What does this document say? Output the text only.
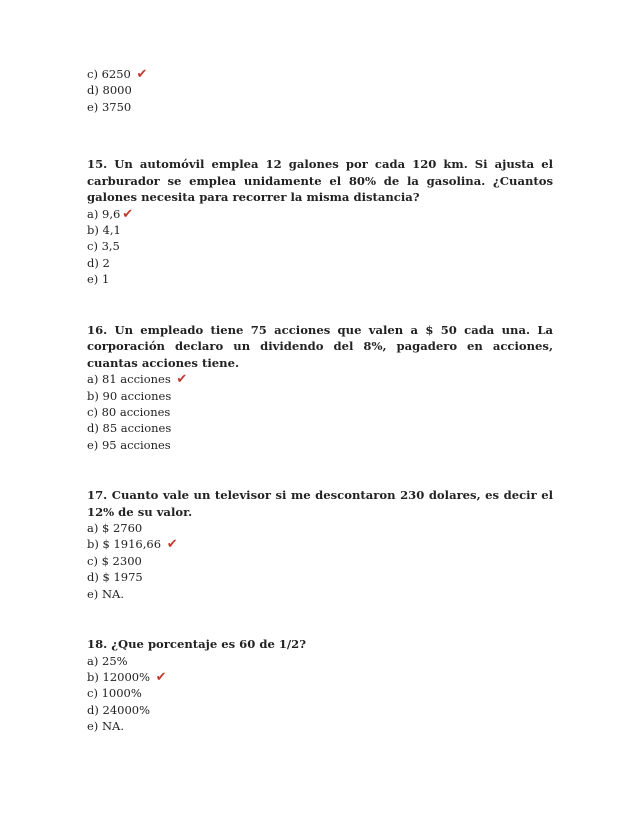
c) 6250 ✔
d) 8000
e) 3750

15. Un automóvil emplea 12 galones por cada 120 km. Si ajusta el carburador se emplea unidamente el 80% de la gasolina. ¿Cuantos galones necesita para recorrer la misma distancia?

a) 9,6 ✔
b) 4,1
c) 3,5
d) 2
e) 1

16. Un empleado tiene 75 acciones que valen a $ 50 cada una. La corporación declaro un dividendo del 8%, pagadero en acciones, cuantas acciones tiene.

a) 81 acciones ✔
b) 90 acciones
c) 80 acciones
d) 85 acciones
e) 95 acciones

17. Cuanto vale un televisor si me descontaron 230 dolares, es decir el 12% de su valor.

a) $ 2760
b) $ 1916,66 ✔
c) $ 2300
d) $ 1975
e) NA.

18. ¿Que porcentaje es 60 de 1/2?

a) 25%
b) 12000% ✔
c) 1000%
d) 24000%
e) NA.
